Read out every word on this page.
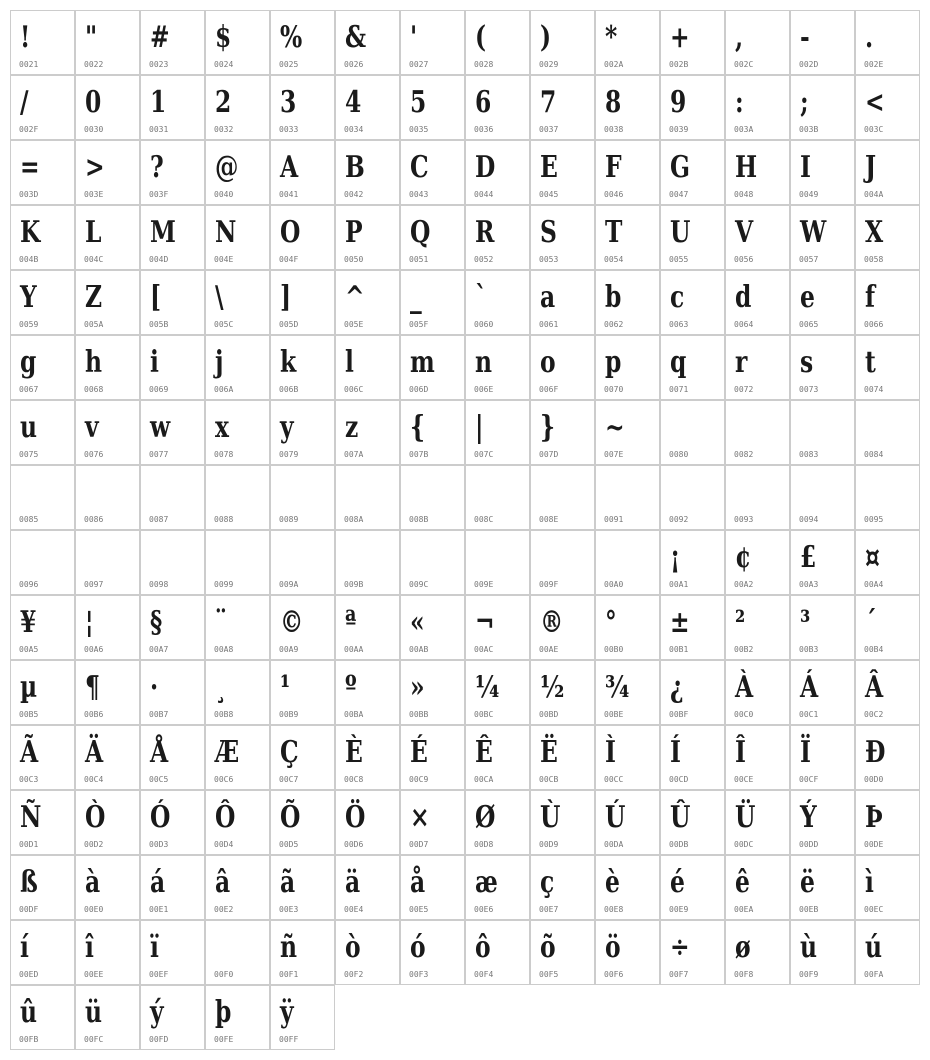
!
0021
"
0022
#
0023
$
0024
%
0025
&
0026
'
0027
(
0028
)
0029
*
002A
+
002B
,
002C
-
002D
.
002E
/
002F
0
0030
1
0031
2
0032
3
0033
4
0034
5
0035
6
0036
7
0037
8
0038
9
0039
:
003A
;
003B
<
003C
=
003D
>
003E
?
003F
@
0040
A
0041
B
0042
C
0043
D
0044
E
0045
F
0046
G
0047
H
0048
I
0049
J
004A
K
004B
L
004C
M
004D
N
004E
O
004F
P
0050
Q
0051
R
0052
S
0053
T
0054
U
0055
V
0056
W
0057
X
0058
Y
0059
Z
005A
[
005B
\
005C
]
005D
^
005E
_
005F
`
0060
a
0061
b
0062
c
0063
d
0064
e
0065
f
0066
g
0067
h
0068
i
0069
j
006A
k
006B
l
006C
m
006D
n
006E
o
006F
p
0070
q
0071
r
0072
s
0073
t
0074
u
0075
v
0076
w
0077
x
0078
y
0079
z
007A
{
007B
|
007C
}
007D
~
007E	0080	0082	0083	0084
0085	0086	0087	0088	0089	008A	008B	008C	008E	0091	0092	0093	0094	0095
0096	0097	0098	0099	009A	009B	009C	009E	009F	00A0
¡
00A1
¢
00A2
£
00A3
¤
00A4
¥
00A5
¦
00A6
§
00A7
¨
00A8
©
00A9
ª
00AA
«
00AB
¬
00AC
®
00AE
°
00B0
±
00B1
²
00B2
³
00B3
´
00B4
µ
00B5
¶
00B6
·
00B7
¸
00B8
¹
00B9
º
00BA
»
00BB
¼
00BC
½
00BD
¾
00BE
¿
00BF
À
00C0
Á
00C1
Â
00C2
Ã
00C3
Ä
00C4
Å
00C5
Æ
00C6
Ç
00C7
È
00C8
É
00C9
Ê
00CA
Ë
00CB
Ì
00CC
Í
00CD
Î
00CE
Ï
00CF
Ð
00D0
Ñ
00D1
Ò
00D2
Ó
00D3
Ô
00D4
Õ
00D5
Ö
00D6
×
00D7
Ø
00D8
Ù
00D9
Ú
00DA
Û
00DB
Ü
00DC
Ý
00DD
Þ
00DE
ß
00DF
à
00E0
á
00E1
â
00E2
ã
00E3
ä
00E4
å
00E5
æ
00E6
ç
00E7
è
00E8
é
00E9
ê
00EA
ë
00EB
ì
00EC
í
00ED
î
00EE
ï
00EF	00F0
ñ
00F1
ò
00F2
ó
00F3
ô
00F4
õ
00F5
ö
00F6
÷
00F7
ø
00F8
ù
00F9
ú
00FA
û
00FB
ü
00FC
ý
00FD
þ
00FE
ÿ
00FF
